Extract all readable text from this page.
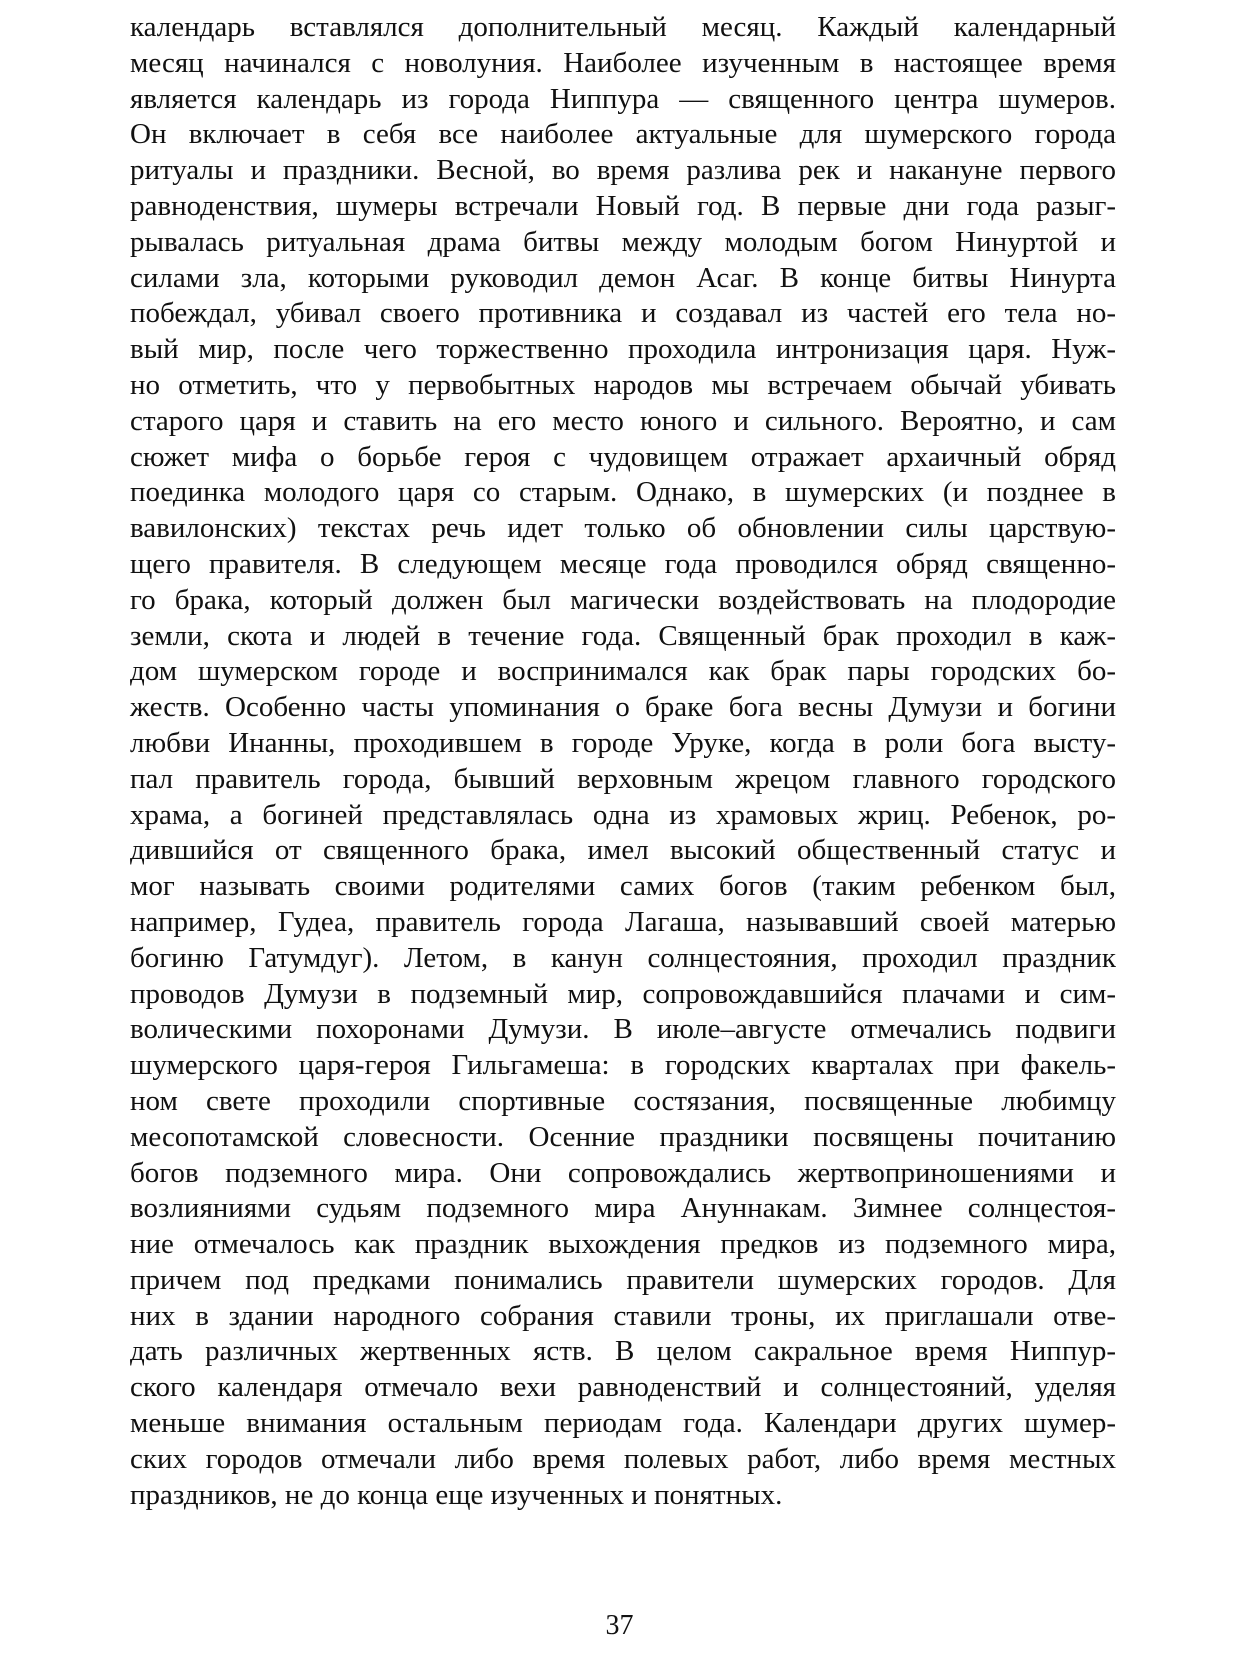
календарь вставлялся дополнительный месяц. Каждый календарный
месяц начинался с новолуния. Наиболее изученным в настоящее время
является календарь из города Ниппура — священного центра шумеров.
Он включает в себя все наиболее актуальные для шумерского города
ритуалы и праздники. Весной, во время разлива рек и накануне первого
равноденствия, шумеры встречали Новый год. В первые дни года разыг-
рывалась ритуальная драма битвы между молодым богом Нинуртой и
силами зла, которыми руководил демон Асаг. В конце битвы Нинурта
побеждал, убивал своего противника и создавал из частей его тела но-
вый мир, после чего торжественно проходила интронизация царя. Нуж-
но отметить, что у первобытных народов мы встречаем обычай убивать
старого царя и ставить на его место юного и сильного. Вероятно, и сам
сюжет мифа о борьбе героя с чудовищем отражает архаичный обряд
поединка молодого царя со старым. Однако, в шумерских (и позднее в
вавилонских) текстах речь идет только об обновлении силы царствую-
щего правителя. В следующем месяце года проводился обряд священно-
го брака, который должен был магически воздействовать на плодородие
земли, скота и людей в течение года. Священный брак проходил в каж-
дом шумерском городе и воспринимался как брак пары городских бо-
жеств. Особенно часты упоминания о браке бога весны Думузи и богини
любви Инанны, проходившем в городе Уруке, когда в роли бога высту-
пал правитель города, бывший верховным жрецом главного городского
храма, а богиней представлялась одна из храмовых жриц. Ребенок, ро-
дившийся от священного брака, имел высокий общественный статус и
мог называть своими родителями самих богов (таким ребенком был,
например, Гудеа, правитель города Лагаша, называвший своей матерью
богиню Гатумдуг). Летом, в канун солнцестояния, проходил праздник
проводов Думузи в подземный мир, сопровождавшийся плачами и сим-
волическими похоронами Думузи. В июле–августе отмечались подвиги
шумерского царя-героя Гильгамеша: в городских кварталах при факель-
ном свете проходили спортивные состязания, посвященные любимцу
месопотамской словесности. Осенние праздники посвящены почитанию
богов подземного мира. Они сопровождались жертвоприношениями и
возлияниями судьям подземного мира Ануннакам. Зимнее солнцестоя-
ние отмечалось как праздник выхождения предков из подземного мира,
причем под предками понимались правители шумерских городов. Для
них в здании народного собрания ставили троны, их приглашали отве-
дать различных жертвенных яств. В целом сакральное время Ниппур-
ского календаря отмечало вехи равноденствий и солнцестояний, уделяя
меньше внимания остальным периодам года. Календари других шумер-
ских городов отмечали либо время полевых работ, либо время местных
праздников, не до конца еще изученных и понятных.
37
